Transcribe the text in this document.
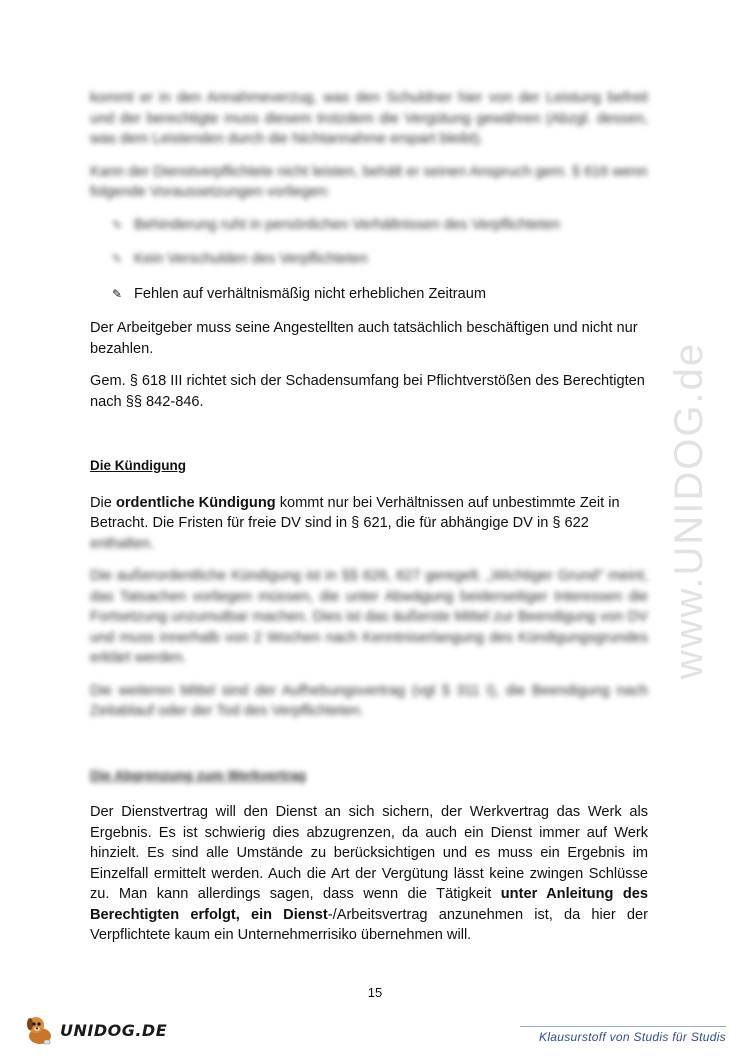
www.UNIDOG.de

kommt er in den Annahmeverzug, was den Schuldner hier von der Leistung befreit und der berechtigte muss diesem trotzdem die Vergütung gewähren (Abzgl. dessen, was dem Leistenden durch die Nichtannahme erspart bleibt).

Kann der Dienstverpflichtete nicht leisten, behält er seinen Anspruch gem. § 616 wenn folgende Voraussetzungen vorliegen:

✎ Behinderung ruht in persönlichen Verhältnissen des Verpflichteten
✎ Kein Verschulden des Verpflichteten
✎ Fehlen auf verhältnismäßig nicht erheblichen Zeitraum

Der Arbeitgeber muss seine Angestellten auch tatsächlich beschäftigen und nicht nur bezahlen.

Gem. § 618 III richtet sich der Schadensumfang bei Pflichtverstößen des Berechtigten nach §§ 842-846.

Die Kündigung

Die ordentliche Kündigung kommt nur bei Verhältnissen auf unbestimmte Zeit in Betracht. Die Fristen für freie DV sind in § 621, die für abhängige DV in § 622

enthalten.

Die außerordentliche Kündigung ist in §§ 626, 627 geregelt. „Wichtiger Grund" meint, das Tatsachen vorliegen müssen, die unter Abwägung beiderseitiger Interessen die Fortsetzung unzumutbar machen. Dies ist das äußerste Mittel zur Beendigung von DV und muss innerhalb von 2 Wochen nach Kenntniserlangung des Kündigungsgrundes erklärt werden.

Die weiteren Mittel sind der Aufhebungsvertrag (vgl § 311 I), die Beendigung nach Zeitablauf oder der Tod des Verpflichteten.

Die Abgrenzung zum Werkvertrag

Der Dienstvertrag will den Dienst an sich sichern, der Werkvertrag das Werk als Ergebnis. Es ist schwierig dies abzugrenzen, da auch ein Dienst immer auf Werk hinzielt. Es sind alle Umstände zu berücksichtigen und es muss ein Ergebnis im Einzelfall ermittelt werden. Auch die Art der Vergütung lässt keine zwingen Schlüsse zu. Man kann allerdings sagen, dass wenn die Tätigkeit unter Anleitung des Berechtigten erfolgt, ein Dienst-/Arbeitsvertrag anzunehmen ist, da hier der Verpflichtete kaum ein Unternehmerrisiko übernehmen will.

15
UNIDOG.DE	Klausurstoff von Studis für Studis
